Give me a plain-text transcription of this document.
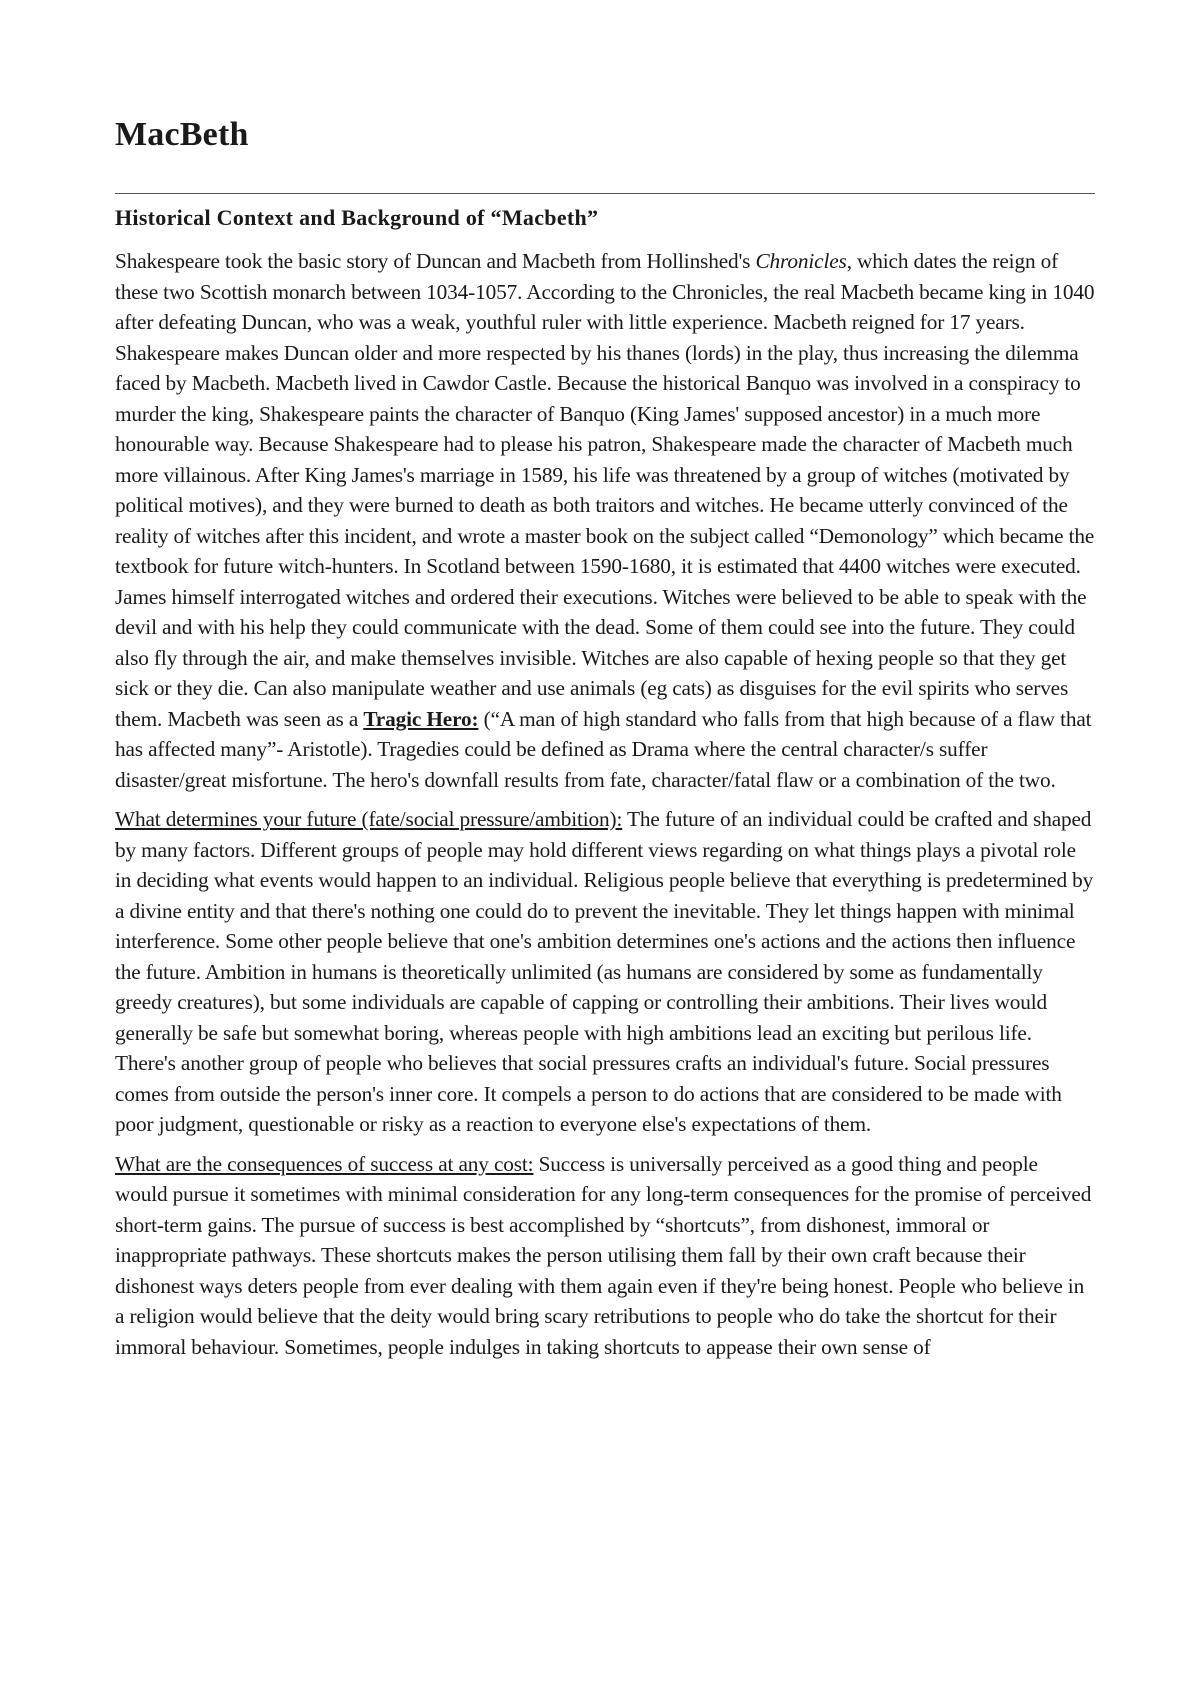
MacBeth
Historical Context and Background of “Macbeth”

Shakespeare took the basic story of Duncan and Macbeth from Hollinshed's Chronicles, which dates the reign of these two Scottish monarch between 1034-1057. According to the Chronicles, the real Macbeth became king in 1040 after defeating Duncan, who was a weak, youthful ruler with little experience. Macbeth reigned for 17 years. Shakespeare makes Duncan older and more respected by his thanes (lords) in the play, thus increasing the dilemma faced by Macbeth. Macbeth lived in Cawdor Castle. Because the historical Banquo was involved in a conspiracy to murder the king, Shakespeare paints the character of Banquo (King James' supposed ancestor) in a much more honourable way. Because Shakespeare had to please his patron, Shakespeare made the character of Macbeth much more villainous. After King James's marriage in 1589, his life was threatened by a group of witches (motivated by political motives), and they were burned to death as both traitors and witches. He became utterly convinced of the reality of witches after this incident, and wrote a master book on the subject called “Demonology” which became the textbook for future witch-hunters. In Scotland between 1590-1680, it is estimated that 4400 witches were executed. James himself interrogated witches and ordered their executions. Witches were believed to be able to speak with the devil and with his help they could communicate with the dead. Some of them could see into the future. They could also fly through the air, and make themselves invisible. Witches are also capable of hexing people so that they get sick or they die. Can also manipulate weather and use animals (eg cats) as disguises for the evil spirits who serves them. Macbeth was seen as a Tragic Hero: (“A man of high standard who falls from that high because of a flaw that has affected many”- Aristotle). Tragedies could be defined as Drama where the central character/s suffer disaster/great misfortune. The hero's downfall results from fate, character/fatal flaw or a combination of the two.

What determines your future (fate/social pressure/ambition): The future of an individual could be crafted and shaped by many factors. Different groups of people may hold different views regarding on what things plays a pivotal role in deciding what events would happen to an individual. Religious people believe that everything is predetermined by a divine entity and that there's nothing one could do to prevent the inevitable. They let things happen with minimal interference. Some other people believe that one's ambition determines one's actions and the actions then influence the future. Ambition in humans is theoretically unlimited (as humans are considered by some as fundamentally greedy creatures), but some individuals are capable of capping or controlling their ambitions. Their lives would generally be safe but somewhat boring, whereas people with high ambitions lead an exciting but perilous life. There's another group of people who believes that social pressures crafts an individual's future. Social pressures comes from outside the person's inner core. It compels a person to do actions that are considered to be made with poor judgment, questionable or risky as a reaction to everyone else's expectations of them.

What are the consequences of success at any cost: Success is universally perceived as a good thing and people would pursue it sometimes with minimal consideration for any long-term consequences for the promise of perceived short-term gains. The pursue of success is best accomplished by “shortcuts”, from dishonest, immoral or inappropriate pathways. These shortcuts makes the person utilising them fall by their own craft because their dishonest ways deters people from ever dealing with them again even if they're being honest. People who believe in a religion would believe that the deity would bring scary retributions to people who do take the shortcut for their immoral behaviour. Sometimes, people indulges in taking shortcuts to appease their own sense of
